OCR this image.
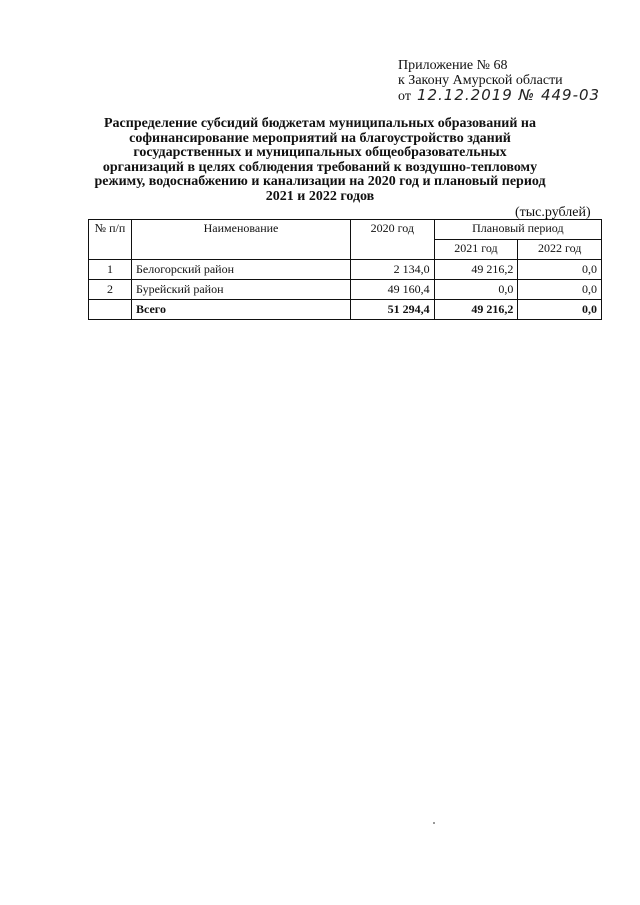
Приложение № 68
к Закону Амурской области
от 12.12.2019 № 449-03
Распределение субсидий бюджетам муниципальных образований на софинансирование мероприятий на благоустройство зданий государственных и муниципальных общеобразовательных организаций в целях соблюдения требований к воздушно-тепловому режиму, водоснабжению и канализации на 2020 год и плановый период 2021 и 2022 годов
(тыс.рублей)
№ п/п	Наименование	2020 год	Плановый период	
			2021 год	2022 год
1	Белогорский район	2 134,0	49 216,2	0,0
2	Бурейский район	49 160,4	0,0	0,0
	Всего	51 294,4	49 216,2	0,0
